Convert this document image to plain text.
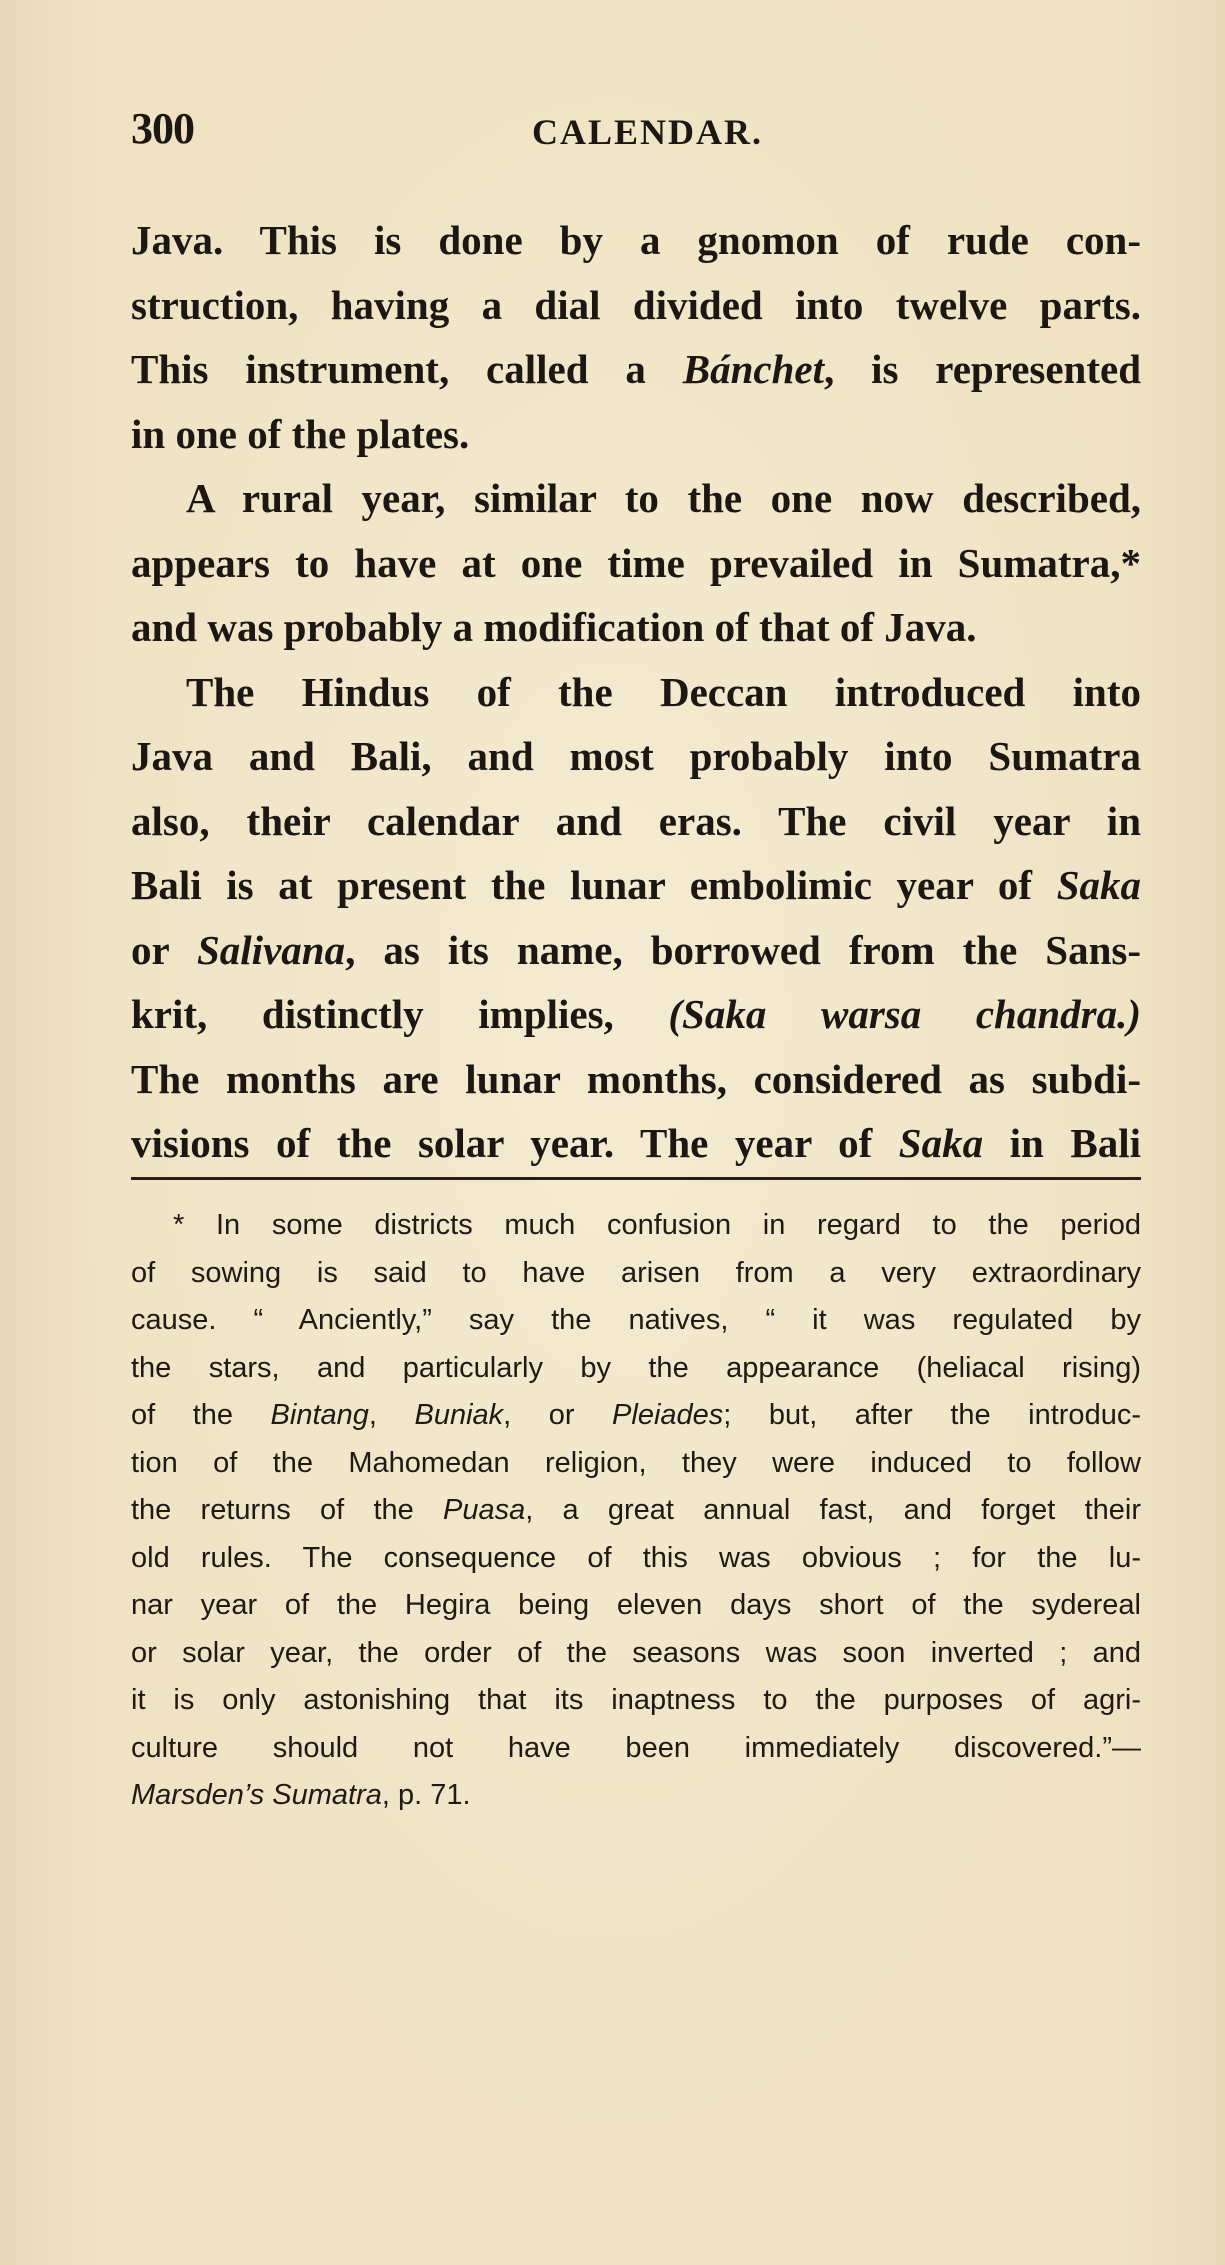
300	CALENDAR.
Java. This is done by a gnomon of rude con-
struction, having a dial divided into twelve parts.
This instrument, called a Bánchet, is represented
in one of the plates.
A rural year, similar to the one now described,
appears to have at one time prevailed in Sumatra,*
and was probably a modification of that of Java.
The Hindus of the Deccan introduced into
Java and Bali, and most probably into Sumatra
also, their calendar and eras. The civil year in
Bali is at present the lunar embolimic year of Saka
or Salivana, as its name, borrowed from the Sans-
krit, distinctly implies, (Saka warsa chandra.)
The months are lunar months, considered as subdi-
visions of the solar year. The year of Saka in Bali
* In some districts much confusion in regard to the period
of sowing is said to have arisen from a very extraordinary
cause. “ Anciently,” say the natives, “ it was regulated by
the stars, and particularly by the appearance (heliacal rising)
of the Bintang, Buniak, or Pleiades; but, after the introduc-
tion of the Mahomedan religion, they were induced to follow
the returns of the Puasa, a great annual fast, and forget their
old rules. The consequence of this was obvious ; for the lu-
nar year of the Hegira being eleven days short of the sydereal
or solar year, the order of the seasons was soon inverted ; and
it is only astonishing that its inaptness to the purposes of agri-
culture should not have been immediately discovered.”—
Marsden’s Sumatra, p. 71.
